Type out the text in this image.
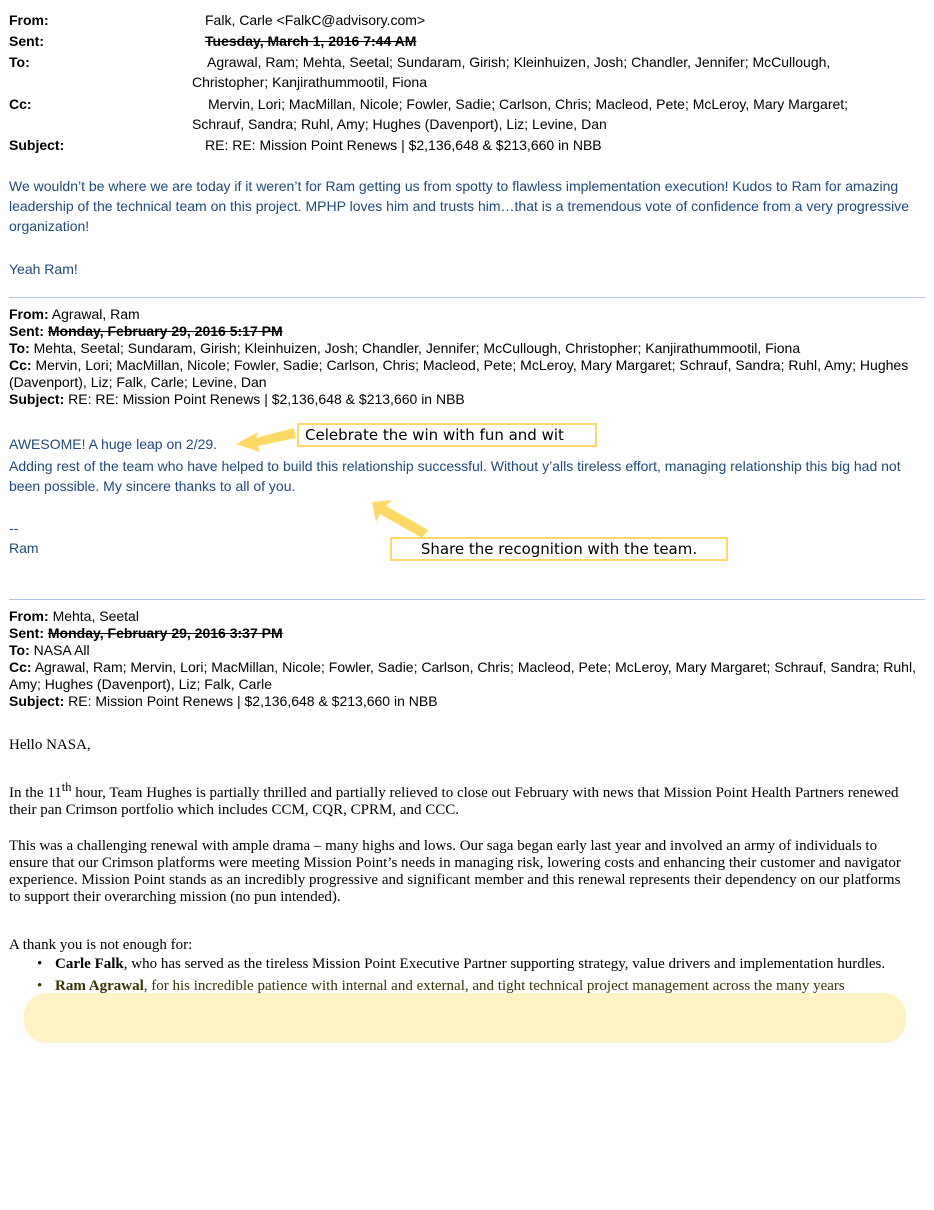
From:	Falk, Carle <FalkC@advisory.com>
Sent:	Tuesday, March 1, 2016 7:44 AM
To:	Agrawal, Ram; Mehta, Seetal; Sundaram, Girish; Kleinhuizen, Josh; Chandler, Jennifer; McCullough,
Christopher; Kanjirathummootil, Fiona
Cc:	Mervin, Lori; MacMillan, Nicole; Fowler, Sadie; Carlson, Chris; Macleod, Pete; McLeroy, Mary Margaret;
Schrauf, Sandra; Ruhl, Amy; Hughes (Davenport), Liz; Levine, Dan
Subject:	RE: RE: Mission Point Renews | $2,136,648 & $213,660 in NBB
We wouldn’t be where we are today if it weren’t for Ram getting us from spotty to flawless implementation execution! Kudos to Ram for amazing leadership of the technical team on this project. MPHP loves him and trusts him…that is a tremendous vote of confidence from a very progressive organization!
Yeah Ram!
From: Agrawal, Ram
Sent: Monday, February 29, 2016 5:17 PM
To: Mehta, Seetal; Sundaram, Girish; Kleinhuizen, Josh; Chandler, Jennifer; McCullough, Christopher; Kanjirathummootil, Fiona
Cc: Mervin, Lori; MacMillan, Nicole; Fowler, Sadie; Carlson, Chris; Macleod, Pete; McLeroy, Mary Margaret; Schrauf, Sandra; Ruhl, Amy; Hughes (Davenport), Liz; Falk, Carle; Levine, Dan
Subject: RE: RE: Mission Point Renews | $2,136,648 & $213,660 in NBB
AWESOME! A huge leap on 2/29.
Adding rest of the team who have helped to build this relationship successful. Without y’alls tireless effort, managing relationship this big had not been possible. My sincere thanks to all of you.
--
Ram
Celebrate the win with fun and wit
Share the recognition with the team.
From: Mehta, Seetal
Sent: Monday, February 29, 2016 3:37 PM
To: NASA All
Cc: Agrawal, Ram; Mervin, Lori; MacMillan, Nicole; Fowler, Sadie; Carlson, Chris; Macleod, Pete; McLeroy, Mary Margaret; Schrauf, Sandra; Ruhl, Amy; Hughes (Davenport), Liz; Falk, Carle
Subject: RE: Mission Point Renews | $2,136,648 & $213,660 in NBB
Hello NASA,
In the 11th hour, Team Hughes is partially thrilled and partially relieved to close out February with news that Mission Point Health Partners renewed their pan Crimson portfolio which includes CCM, CQR, CPRM, and CCC.
This was a challenging renewal with ample drama – many highs and lows. Our saga began early last year and involved an army of individuals to ensure that our Crimson platforms were meeting Mission Point’s needs in managing risk, lowering costs and enhancing their customer and navigator experience. Mission Point stands as an incredibly progressive and significant member and this renewal represents their dependency on our platforms to support their overarching mission (no pun intended).
A thank you is not enough for:
• Carle Falk, who has served as the tireless Mission Point Executive Partner supporting strategy, value drivers and implementation hurdles.
• Ram Agrawal, for his incredible patience with internal and external, and tight technical project management across the many years
